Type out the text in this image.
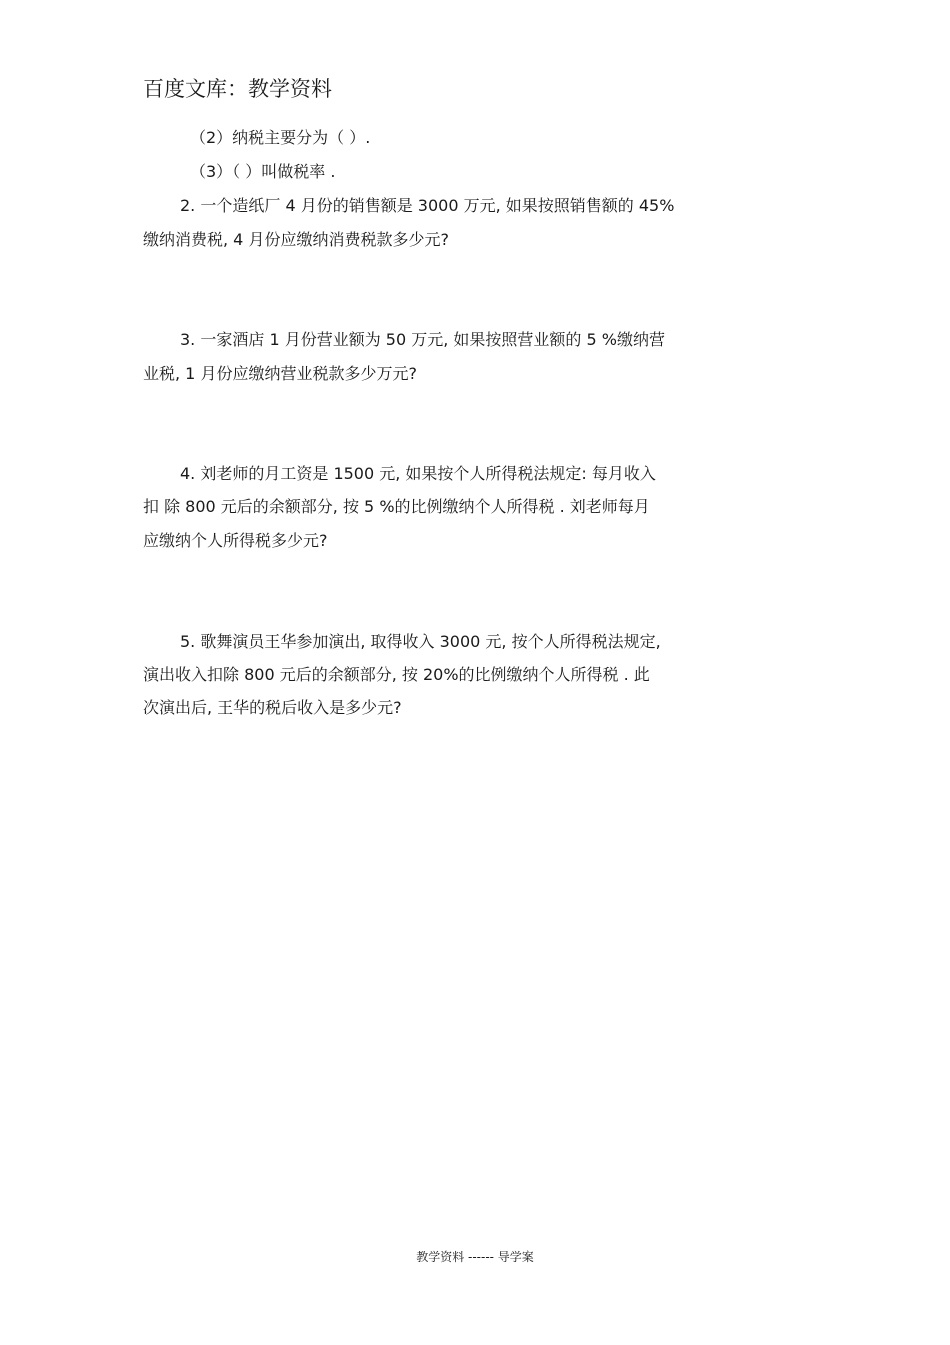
百度文库：教学资料
（2）纳税主要分为（ ）.
（3）（ ）叫做税率 .
2. 一个造纸厂 4 月份的销售额是 3000 万元, 如果按照销售额的 45%
缴纳消费税, 4 月份应缴纳消费税款多少元?
3. 一家酒店 1 月份营业额为 50 万元, 如果按照营业额的 5 %缴纳营
业税, 1 月份应缴纳营业税款多少万元?
4. 刘老师的月工资是 1500 元, 如果按个人所得税法规定: 每月收入
扣 除 800 元后的余额部分, 按 5 %的比例缴纳个人所得税 . 刘老师每月
应缴纳个人所得税多少元?
5. 歌舞演员王华参加演出, 取得收入 3000 元, 按个人所得税法规定,
演出收入扣除 800 元后的余额部分, 按 20%的比例缴纳个人所得税 . 此
次演出后, 王华的税后收入是多少元?
教学资料 ------ 导学案
